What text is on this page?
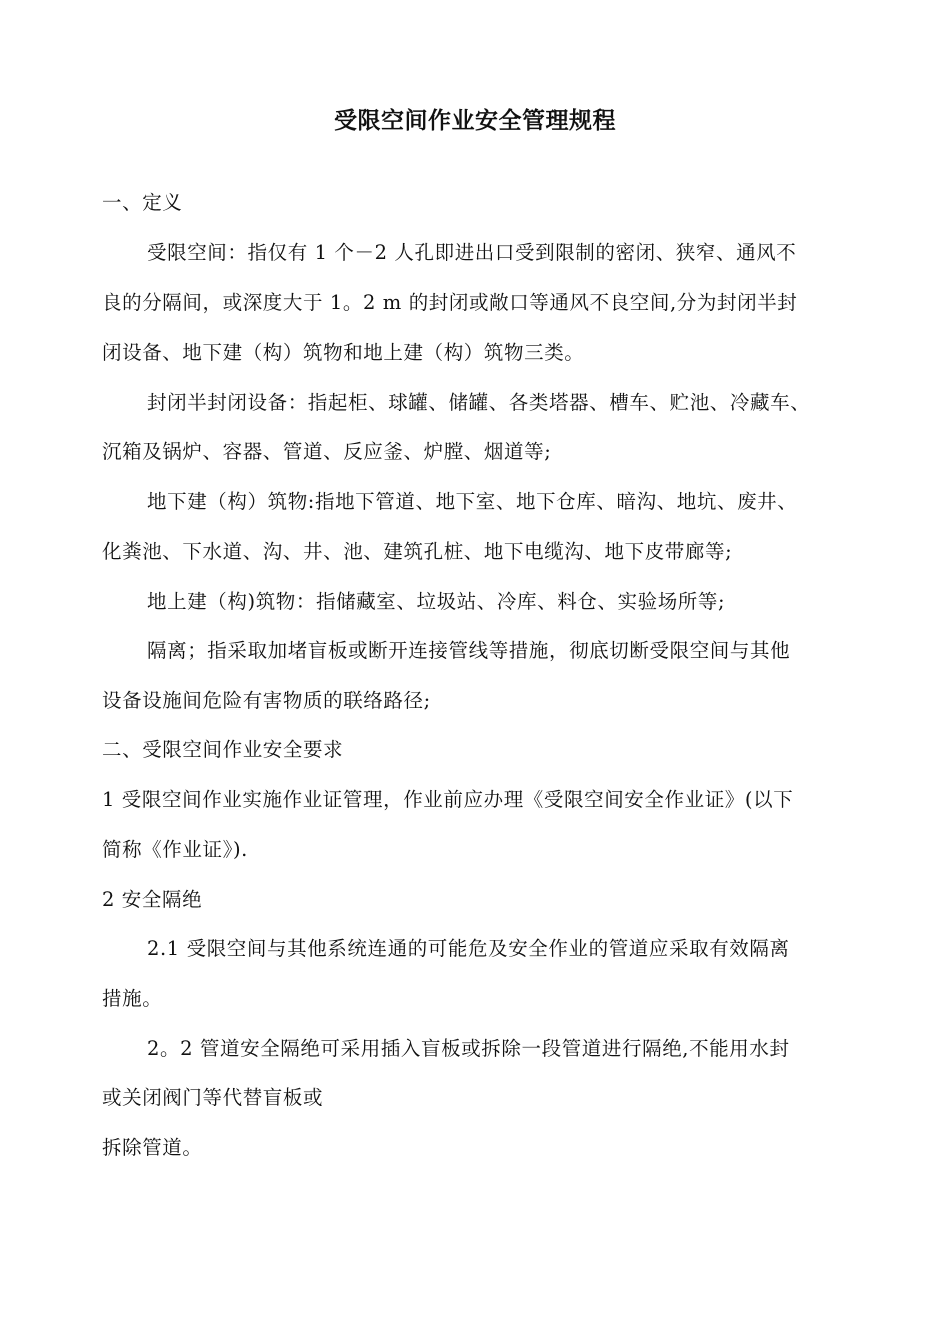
受限空间作业安全管理规程
一、定义
受限空间：指仅有 1 个－2 人孔即进出口受到限制的密闭、狭窄、通风不
良的分隔间，或深度大于 1。2 m 的封闭或敞口等通风不良空间,分为封闭半封
闭设备、地下建（构）筑物和地上建（构）筑物三类。
封闭半封闭设备：指起柜、球罐、储罐、各类塔器、槽车、贮池、冷藏车、
沉箱及锅炉、容器、管道、反应釜、炉膛、烟道等;
地下建（构）筑物:指地下管道、地下室、地下仓库、暗沟、地坑、废井、
化粪池、下水道、沟、井、池、建筑孔桩、地下电缆沟、地下皮带廊等;
地上建（构)筑物：指储藏室、垃圾站、冷库、料仓、实验场所等;
隔离；指采取加堵盲板或断开连接管线等措施，彻底切断受限空间与其他
设备设施间危险有害物质的联络路径;
二、受限空间作业安全要求
1 受限空间作业实施作业证管理，作业前应办理《受限空间安全作业证》(以下
简称《作业证》).
2 安全隔绝
2.1 受限空间与其他系统连通的可能危及安全作业的管道应采取有效隔离
措施。
2。2 管道安全隔绝可采用插入盲板或拆除一段管道进行隔绝,不能用水封
或关闭阀门等代替盲板或
拆除管道。
